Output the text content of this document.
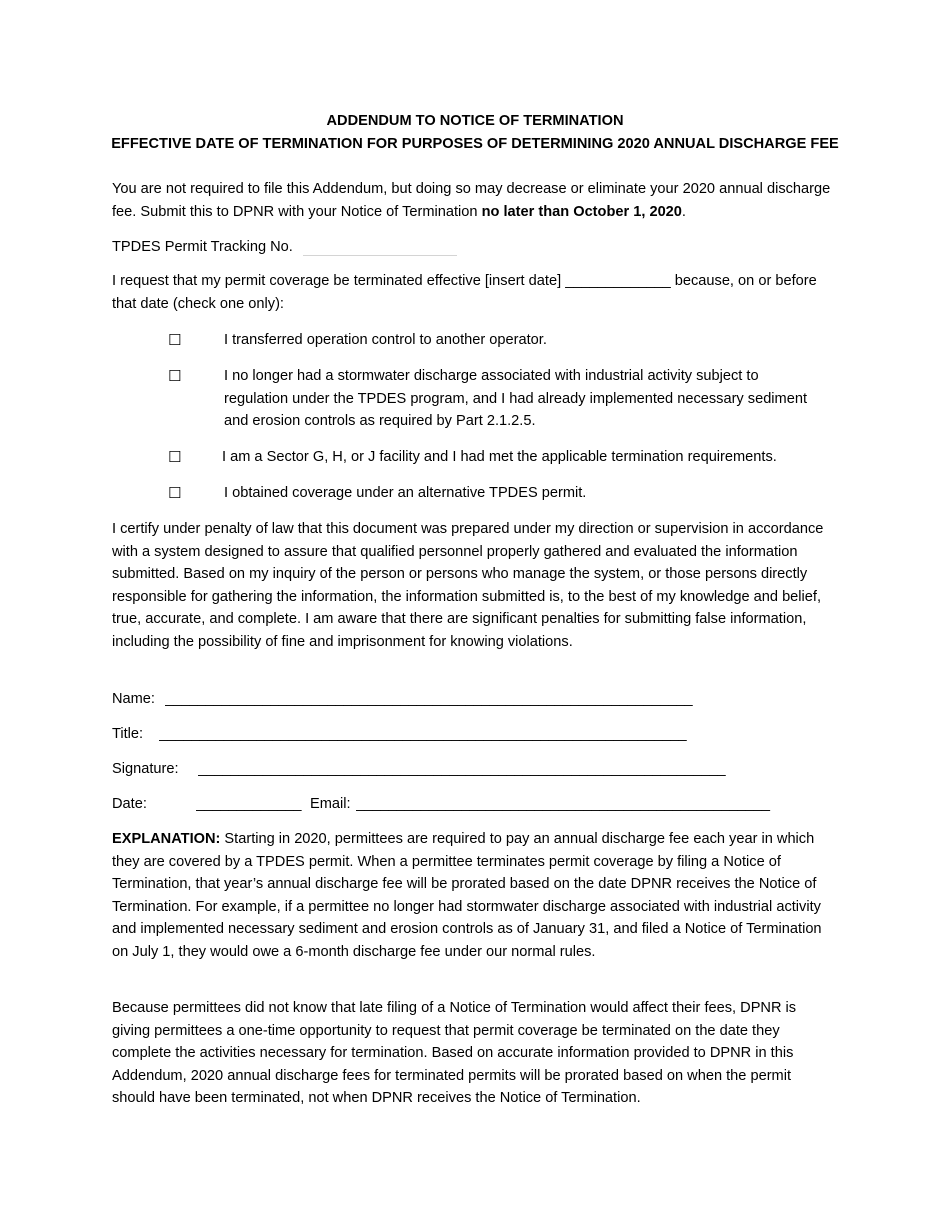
ADDENDUM TO NOTICE OF TERMINATION
EFFECTIVE DATE OF TERMINATION FOR PURPOSES OF DETERMINING 2020 ANNUAL DISCHARGE FEE

You are not required to file this Addendum, but doing so may decrease or eliminate your 2020 annual discharge fee. Submit this to DPNR with your Notice of Termination no later than October 1, 2020.

TPDES Permit Tracking No.

I request that my permit coverage be terminated effective [insert date] _____________ because, on or before that date (check one only):

☐	I transferred operation control to another operator.
☐	I no longer had a stormwater discharge associated with industrial activity subject to regulation under the TPDES program, and I had already implemented necessary sediment and erosion controls as required by Part 2.1.2.5.
☐	I am a Sector G, H, or J facility and I had met the applicable termination requirements.
☐	I obtained coverage under an alternative TPDES permit.

I certify under penalty of law that this document was prepared under my direction or supervision in accordance with a system designed to assure that qualified personnel properly gathered and evaluated the information submitted. Based on my inquiry of the person or persons who manage the system, or those persons directly responsible for gathering the information, the information submitted is, to the best of my knowledge and belief, true, accurate, and complete. I am aware that there are significant penalties for submitting false information, including the possibility of fine and imprisonment for knowing violations.

Name: _________________________________________________________________
Title: _________________________________________________________________
Signature: _________________________________________________________________
Date:	_____________ Email: ___________________________________________________

EXPLANATION: Starting in 2020, permittees are required to pay an annual discharge fee each year in which they are covered by a TPDES permit. When a permittee terminates permit coverage by filing a Notice of Termination, that year’s annual discharge fee will be prorated based on the date DPNR receives the Notice of Termination. For example, if a permittee no longer had stormwater discharge associated with industrial activity and implemented necessary sediment and erosion controls as of January 31, and filed a Notice of Termination on July 1, they would owe a 6-month discharge fee under our normal rules.

Because permittees did not know that late filing of a Notice of Termination would affect their fees, DPNR is giving permittees a one-time opportunity to request that permit coverage be terminated on the date they complete the activities necessary for termination. Based on accurate information provided to DPNR in this Addendum, 2020 annual discharge fees for terminated permits will be prorated based on when the permit should have been terminated, not when DPNR receives the Notice of Termination.
